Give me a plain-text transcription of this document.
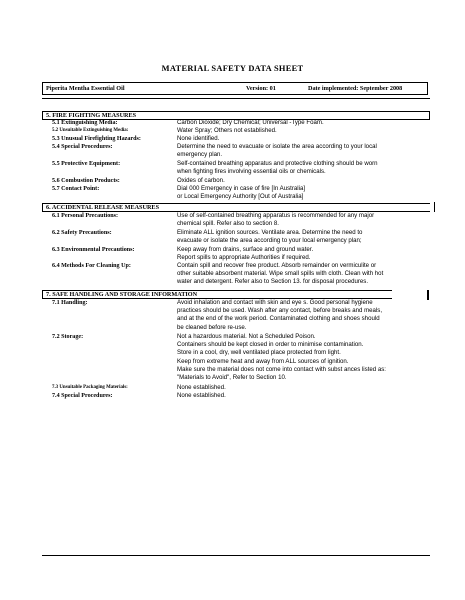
MATERIAL SAFETY DATA SHEET
Piperita Mentha Essential Oil	Version: 01	Date implemented: September 2008
5. FIRE FIGHTING MEASURES
5.1 Extinguishing Media:	Carbon Dioxide; Dry Chemical; Universal -Type Foam.
5.2 Unsuitable Extinguishing Media:	Water Spray; Others not established.
5.3 Unusual Firefighting Hazards:	None identified.
5.4 Special Procedures:	Determine the need to evacuate or isolate the area according to your local
emergency plan.
5.5 Protective Equipment:	Self-contained breathing apparatus and protective clothing should be worn
when fighting fires involving essential oils or chemicals.
5.6 Combustion Products:	Oxides of carbon.
5.7 Contact Point:	Dial 000 Emergency in case of fire [In Australia]
or Local Emergency Authority [Out of Australia]
6. ACCIDENTAL RELEASE MEASURES
6.1 Personal Precautions:	Use of self-contained breathing apparatus is recommended for any major
chemical spill. Refer also to section 8.
6.2 Safety Precautions:	Eliminate ALL ignition sources. Ventilate area. Determine the need to
evacuate or isolate the area according to your local emergency plan;
6.3 Environmental Precautions:	Keep away from drains, surface and ground water.
Report spills to appropriate Authorities if required.
6.4 Methods For Cleaning Up:	Contain spill and recover free product. Absorb remainder on vermiculite or
other suitable absorbent material. Wipe small spills with cloth. Clean with hot
water and detergent. Refer also to Section 13. for disposal procedures.
7. SAFE HANDLING AND STORAGE INFORMATION
7.1 Handling:	Avoid inhalation and contact with skin and eye s. Good personal hygiene
practices should be used. Wash after any contact, before breaks and meals,
and at the end of the work period. Contaminated clothing and shoes should
be cleaned before re-use.
7.2 Storage:	Not a hazardous material. Not a Scheduled Poison.
Containers should be kept closed in order to minimise contamination.
Store in a cool, dry, well ventilated place protected from light.
Keep from extreme heat and away from ALL sources of ignition.
Make sure the material does not come into contact with subst ances listed as:
"Materials to Avoid", Refer to Section 10.
7.3 Unsuitable Packaging Materials:	None established.
7.4 Special Procedures:	None established.
